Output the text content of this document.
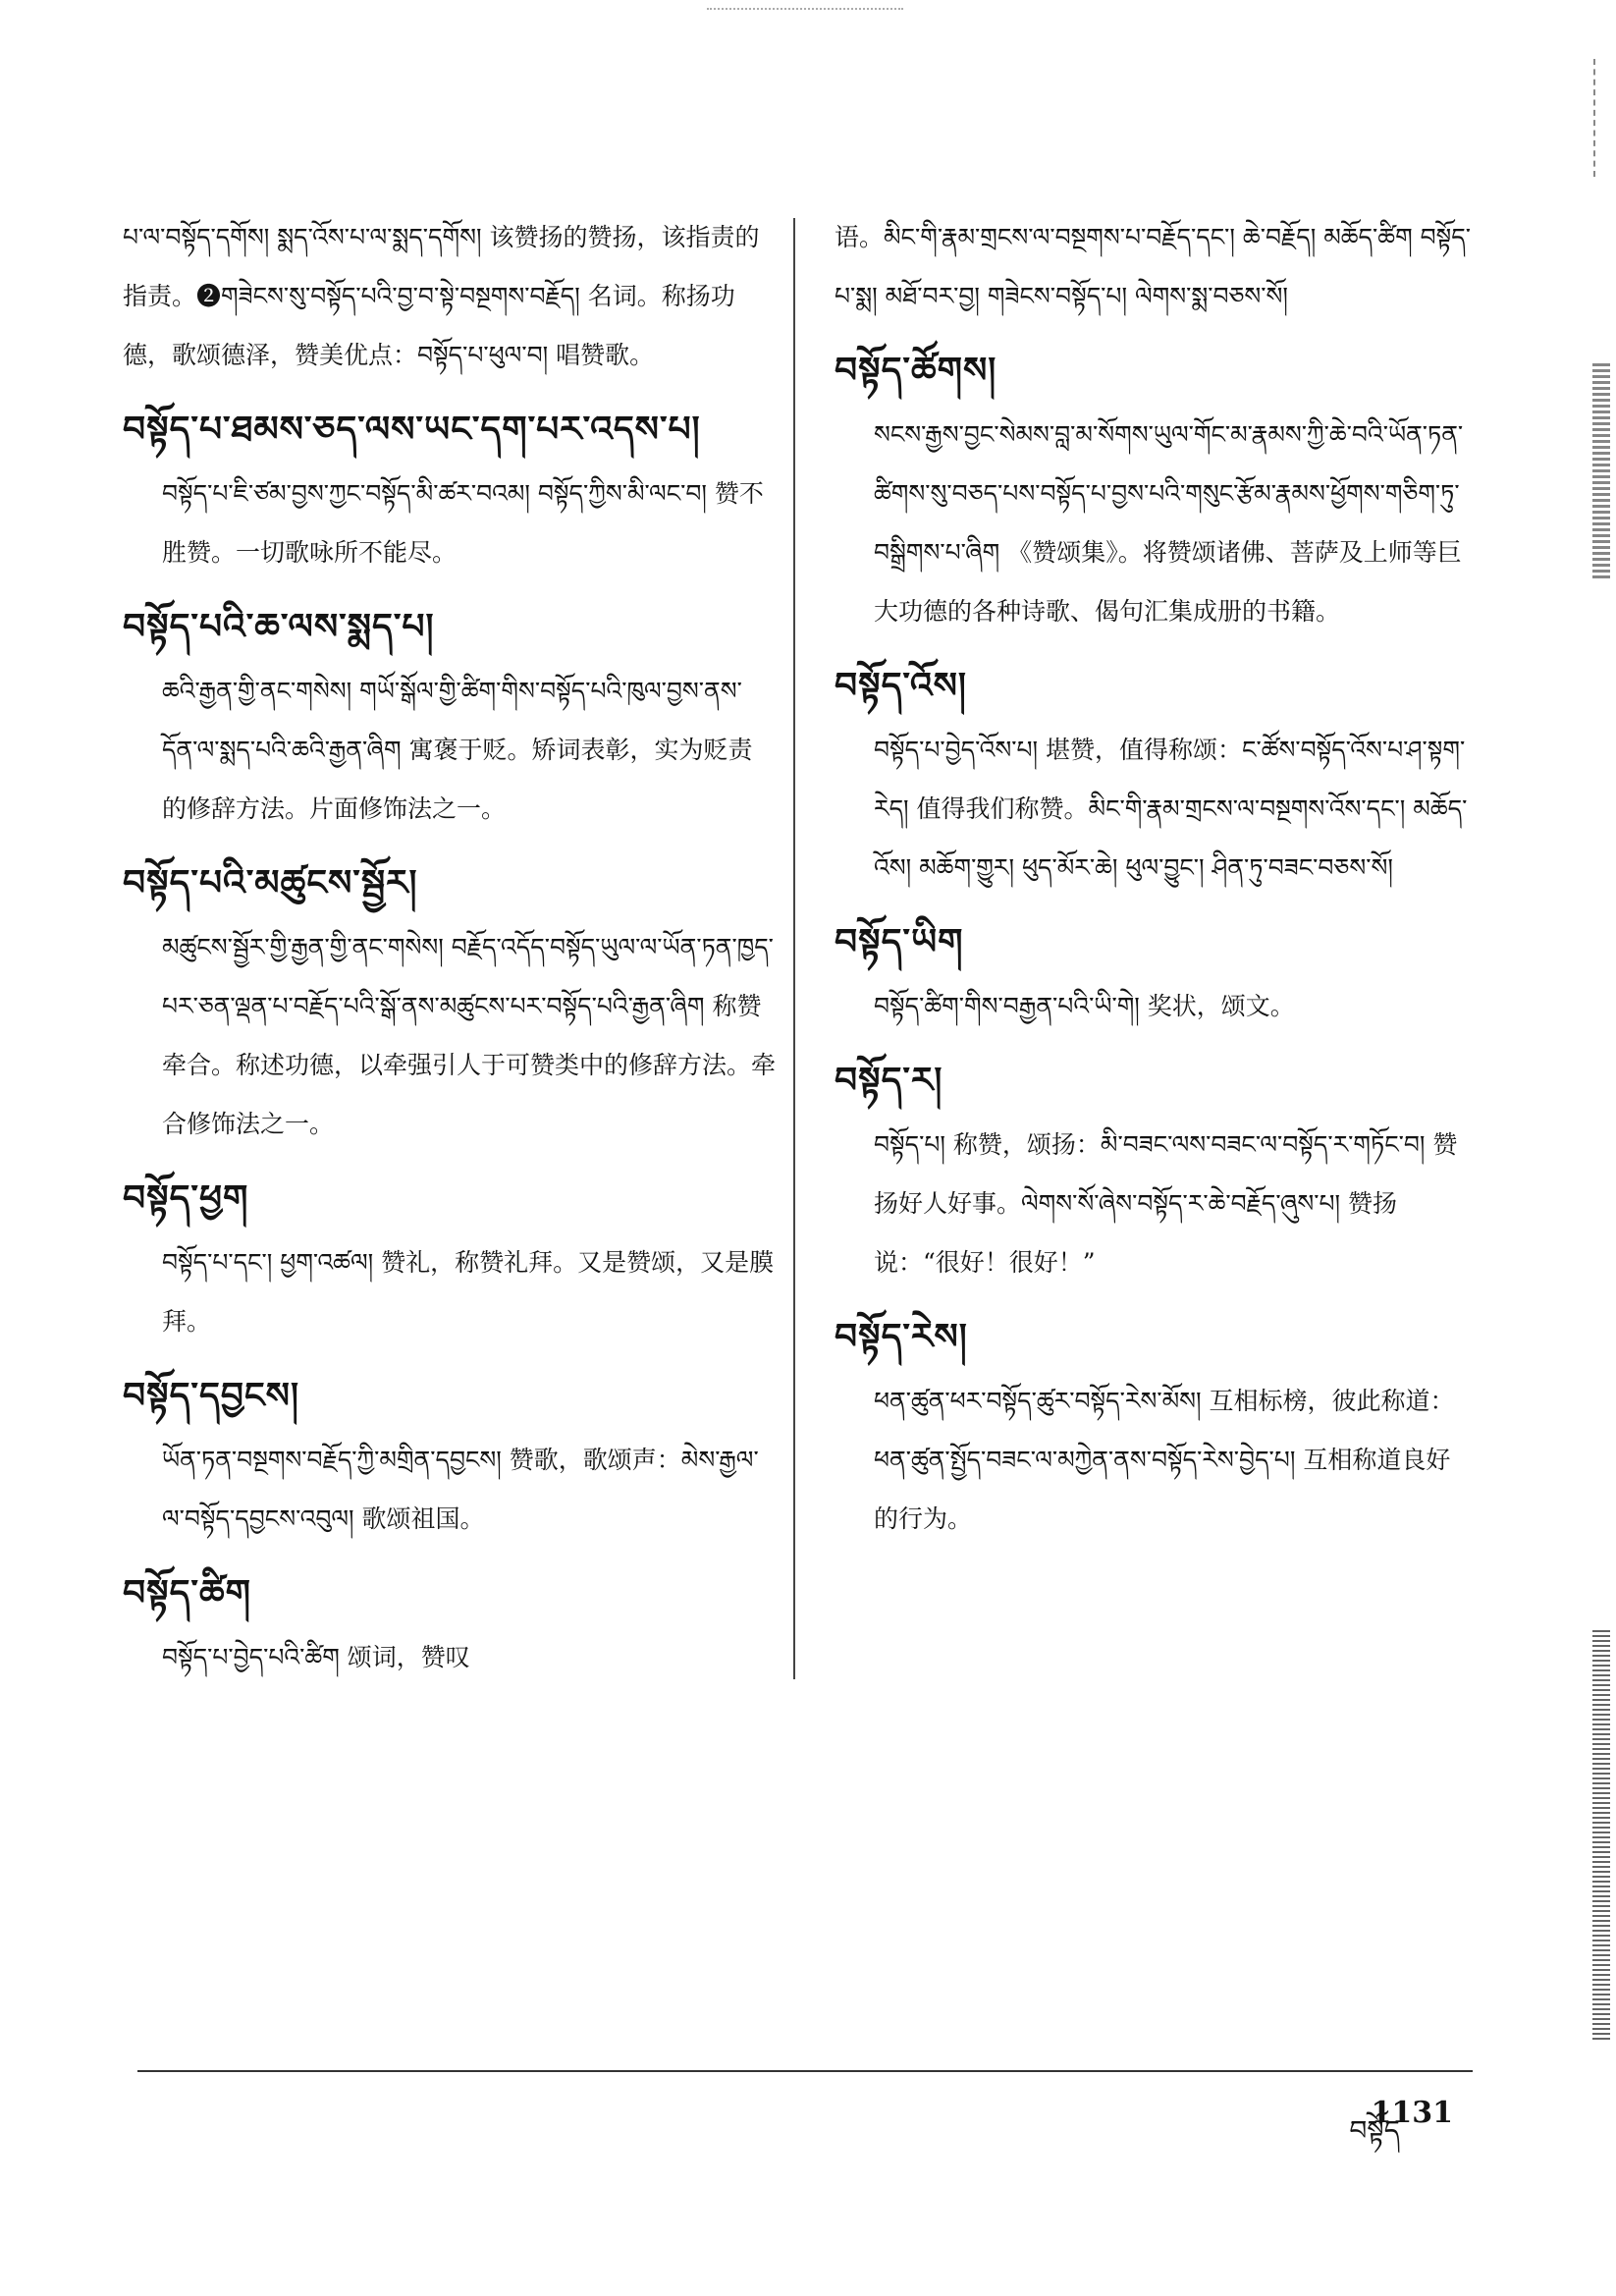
པ་ལ་བསྟོད་དགོས། སྨད་འོས་པ་ལ་སྨད་དགོས། 该赞扬的赞扬，该指责的指责。❷གཟེངས་སུ་བསྟོད་པའི་བྱ་བ་སྟེ་བསྔགས་བརྗོད། 名词。称扬功德，歌颂德泽，赞美优点：བསྟོད་པ་ཕུལ་བ། 唱赞歌。

བསྟོད་པ་ཐམས་ཅད་ལས་ཡང་དག་པར་འདས་པ།

བསྟོད་པ་ཇི་ཙམ་བྱས་ཀྱང་བསྟོད་མི་ཚར་བའམ། བསྟོད་ཀྱིས་མི་ལང་བ། 赞不胜赞。一切歌咏所不能尽。

བསྟོད་པའི་ཆ་ལས་སྨད་པ།

ཆའི་རྒྱན་གྱི་ནང་གསེས། གཡོ་སྒོལ་གྱི་ཚིག་གིས་བསྟོད་པའི་ཁུལ་བྱས་ནས་དོན་ལ་སྨད་པའི་ཆའི་རྒྱན་ཞིག 寓褒于贬。矫词表彰，实为贬责的修辞方法。片面修饰法之一。

བསྟོད་པའི་མཚུངས་སྦྱོར།

མཚུངས་སྦྱོར་གྱི་རྒྱན་གྱི་ནང་གསེས། བརྗོད་འདོད་བསྟོད་ཡུལ་ལ་ཡོན་ཏན་ཁྱད་པར་ཅན་ལྡན་པ་བརྗོད་པའི་སྒོ་ནས་མཚུངས་པར་བསྟོད་པའི་རྒྱན་ཞིག 称赞牵合。称述功德，以牵强引人于可赞类中的修辞方法。牵合修饰法之一。

བསྟོད་ཕྱག

བསྟོད་པ་དང་། ཕྱག་འཚལ། 赞礼，称赞礼拜。又是赞颂，又是膜拜。

བསྟོད་དབྱངས།

ཡོན་ཏན་བསྔགས་བརྗོད་ཀྱི་མགྲིན་དབྱངས། 赞歌，歌颂声：མེས་རྒྱལ་ལ་བསྟོད་དབྱངས་འབུལ། 歌颂祖国。

བསྟོད་ཚིག

བསྟོད་པ་བྱེད་པའི་ཚིག 颂词，赞叹

语。མིང་གི་རྣམ་གྲངས་ལ་བསྔགས་པ་བརྗོད་དང་། ཆེ་བརྗོད། མཆོད་ཚིག བསྟོད་པ་སྨ། མཐོ་བར་བྱ། གཟེངས་བསྟོད་པ། ལེགས་སྨ་བཅས་སོ།

བསྟོད་ཚོགས།

སངས་རྒྱས་བྱང་སེམས་བླ་མ་སོགས་ཡུལ་གོང་མ་རྣམས་ཀྱི་ཆེ་བའི་ཡོན་ཏན་ཚིགས་སུ་བཅད་པས་བསྟོད་པ་བྱས་པའི་གསུང་རྩོམ་རྣམས་ཕྱོགས་གཅིག་ཏུ་བསྒྲིགས་པ་ཞིག 《赞颂集》。将赞颂诸佛、菩萨及上师等巨大功德的各种诗歌、偈句汇集成册的书籍。

བསྟོད་འོས།

བསྟོད་པ་བྱེད་འོས་པ། 堪赞，值得称颂：ང་ཚོས་བསྟོད་འོས་པ་ཤ་སྟག་རེད། 值得我们称赞。མིང་གི་རྣམ་གྲངས་ལ་བསྔགས་འོས་དང་། མཆོད་འོས། མཆོག་གྱུར། ཕུད་མོར་ཆེ། ཕུལ་བྱུང་། ཤིན་ཏུ་བཟང་བཅས་སོ།

བསྟོད་ཡིག

བསྟོད་ཚིག་གིས་བརྒྱན་པའི་ཡི་གེ། 奖状，颂文。

བསྟོད་ར།

བསྟོད་པ། 称赞，颂扬：མི་བཟང་ལས་བཟང་ལ་བསྟོད་ར་གཏོང་བ། 赞扬好人好事。ལེགས་སོ་ཞེས་བསྟོད་ར་ཆེ་བརྗོད་ཞུས་པ། 赞扬说：“很好！很好！”

བསྟོད་རེས།

ཕན་ཚུན་ཕར་བསྟོད་ཚུར་བསྟོད་རེས་མོས། 互相标榜，彼此称道：ཕན་ཚུན་སྤྱོད་བཟང་ལ་མཀྱེན་ནས་བསྟོད་རེས་བྱེད་པ། 互相称道良好的行为。

བསྟོད
1131
